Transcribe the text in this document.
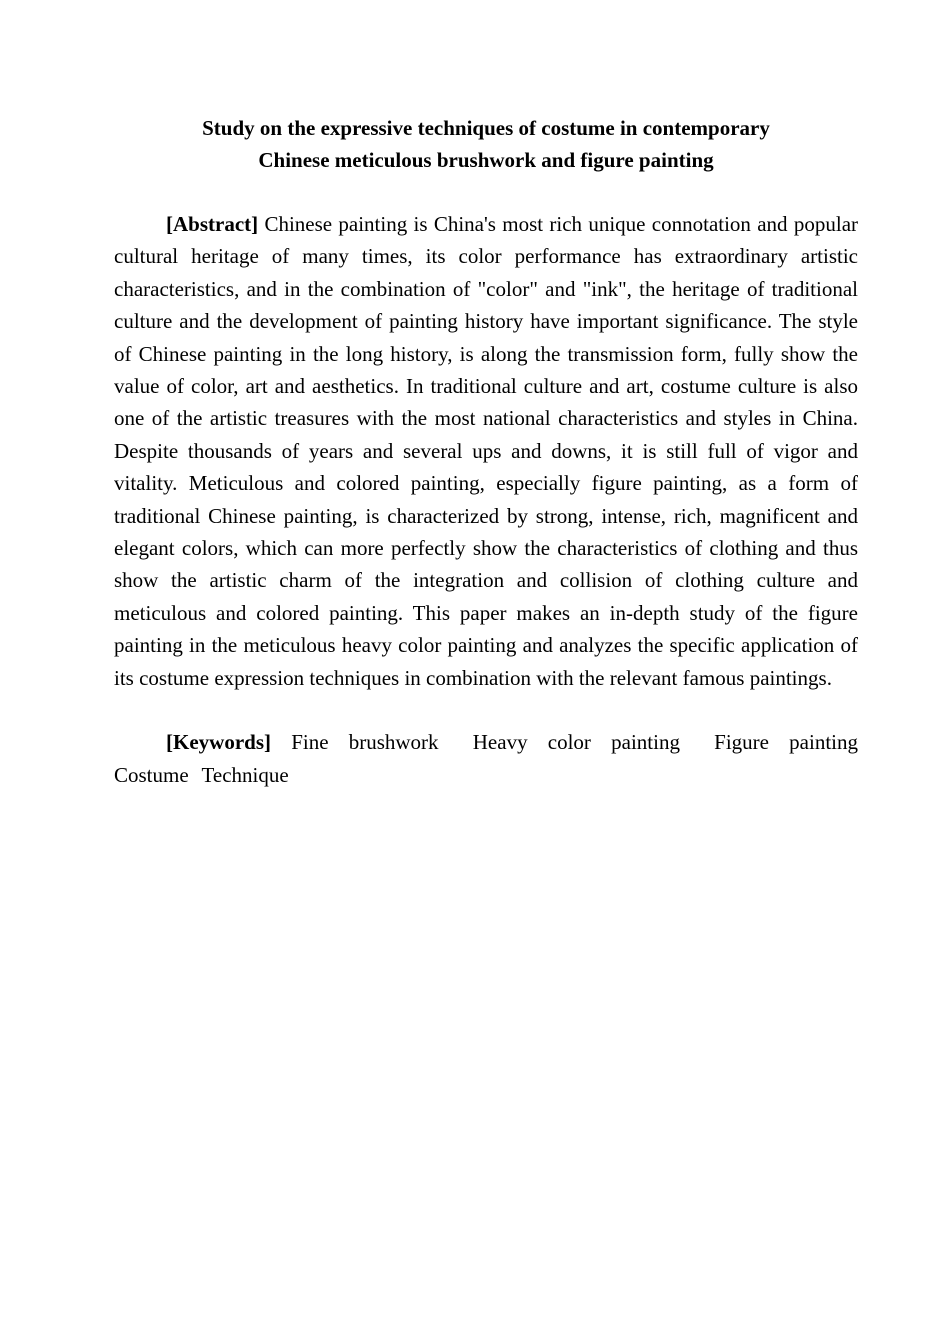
Study on the expressive techniques of costume in contemporary
Chinese meticulous brushwork and figure painting

[Abstract] Chinese painting is China's most rich unique connotation and popular cultural heritage of many times, its color performance has extraordinary artistic characteristics, and in the combination of "color" and "ink", the heritage of traditional culture and the development of painting history have important significance. The style of Chinese painting in the long history, is along the transmission form, fully show the value of color, art and aesthetics. In traditional culture and art, costume culture is also one of the artistic treasures with the most national characteristics and styles in China. Despite thousands of years and several ups and downs, it is still full of vigor and vitality. Meticulous and colored painting, especially figure painting, as a form of traditional Chinese painting, is characterized by strong, intense, rich, magnificent and elegant colors, which can more perfectly show the characteristics of clothing and thus show the artistic charm of the integration and collision of clothing culture and meticulous and colored painting. This paper makes an in-depth study of the figure painting in the meticulous heavy color painting and analyzes the specific application of its costume expression techniques in combination with the relevant famous paintings.

[Keywords] Fine brushwork Heavy color painting Figure painting Costume Technique
